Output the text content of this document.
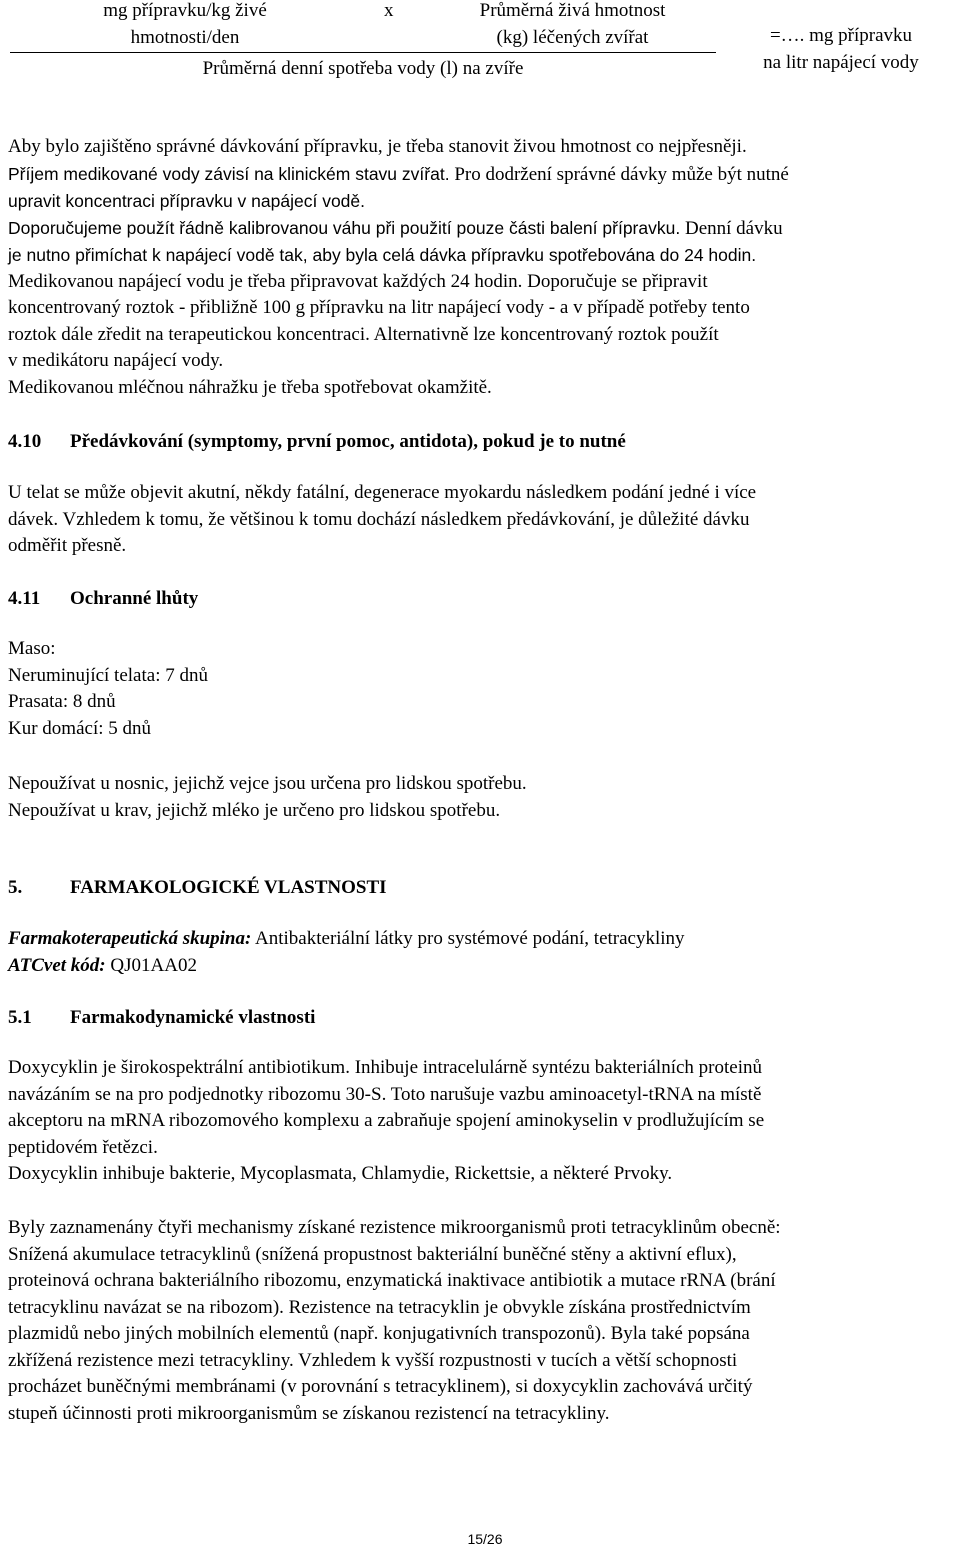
mg přípravku/kg živé
hmotnosti/den
x	Průměrná živá hmotnost
(kg) léčených zvířat
Průměrná denní spotřeba vody (l) na zvíře
=…. mg přípravku
na litr napájecí vody
Aby bylo zajištěno správné dávkování přípravku, je třeba stanovit živou hmotnost co nejpřesněji.
Příjem medikované vody závisí na klinickém stavu zvířat. Pro dodržení správné dávky může být nutné
upravit koncentraci přípravku v napájecí vodě.
Doporučujeme použít řádně kalibrovanou váhu při použití pouze části balení přípravku. Denní dávku
je nutno přimíchat k napájecí vodě tak, aby byla celá dávka přípravku spotřebována do 24 hodin.
Medikovanou napájecí vodu je třeba připravovat každých 24 hodin. Doporučuje se připravit
koncentrovaný roztok - přibližně 100 g přípravku na litr napájecí vody - a v případě potřeby tento
roztok dále zředit na terapeutickou koncentraci. Alternativně lze koncentrovaný roztok použít
v medikátoru napájecí vody.
Medikovanou mléčnou náhražku je třeba spotřebovat okamžitě.
4.10 Předávkování (symptomy, první pomoc, antidota), pokud je to nutné
U telat se může objevit akutní, někdy fatální, degenerace myokardu následkem podání jedné i více
dávek. Vzhledem k tomu, že většinou k tomu dochází následkem předávkování, je důležité dávku
odměřit přesně.
4.11 Ochranné lhůty
Maso:
Neruminující telata: 7 dnů
Prasata: 8 dnů
Kur domácí: 5 dnů
Nepoužívat u nosnic, jejichž vejce jsou určena pro lidskou spotřebu.
Nepoužívat u krav, jejichž mléko je určeno pro lidskou spotřebu.
5.	FARMAKOLOGICKÉ VLASTNOSTI
Farmakoterapeutická skupina: Antibakteriální látky pro systémové podání, tetracykliny
ATCvet kód: QJ01AA02
5.1 Farmakodynamické vlastnosti
Doxycyklin je širokospektrální antibiotikum. Inhibuje intracelulárně syntézu bakteriálních proteinů
navázáním se na pro podjednotky ribozomu 30-S. Toto narušuje vazbu aminoacetyl-tRNA na místě
akceptoru na mRNA ribozomového komplexu a zabraňuje spojení aminokyselin v prodlužujícím se
peptidovém řetězci.
Doxycyklin inhibuje bakterie, Mycoplasmata, Chlamydie, Rickettsie, a některé Prvoky.
Byly zaznamenány čtyři mechanismy získané rezistence mikroorganismů proti tetracyklinům obecně:
Snížená akumulace tetracyklinů (snížená propustnost bakteriální buněčné stěny a aktivní eflux),
proteinová ochrana bakteriálního ribozomu, enzymatická inaktivace antibiotik a mutace rRNA (brání
tetracyklinu navázat se na ribozom). Rezistence na tetracyklin je obvykle získána prostřednictvím
plazmidů nebo jiných mobilních elementů (např. konjugativních transpozonů). Byla také popsána
zkřížená rezistence mezi tetracykliny. Vzhledem k vyšší rozpustnosti v tucích a větší schopnosti
procházet buněčnými membránami (v porovnání s tetracyklinem), si doxycyklin zachovává určitý
stupeň účinnosti proti mikroorganismům se získanou rezistencí na tetracykliny.
15/26
